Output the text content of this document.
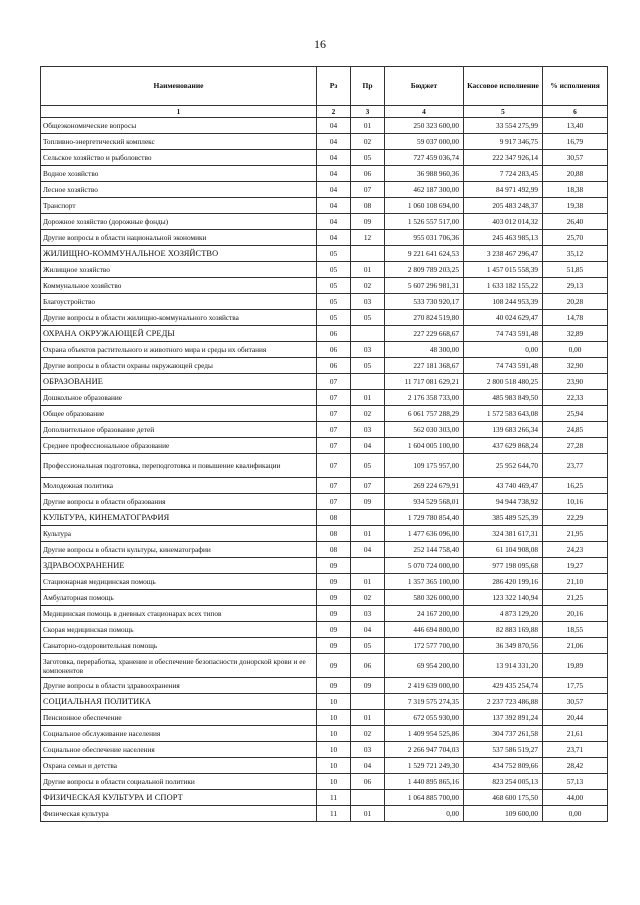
16
Наименование	Рз	Пр	Бюджет	Кассовое исполнение	% исполнения
1	2	3	4	5	6
Общеэкономические вопросы	04	01	250 323 600,00	33 554 275,99	13,40
Топливно-энергетический комплекс	04	02	59 037 000,00	9 917 346,75	16,79
Сельское хозяйство и рыболовство	04	05	727 459 036,74	222 347 926,14	30,57
Водное хозяйство	04	06	36 988 960,36	7 724 283,45	20,88
Лесное хозяйство	04	07	462 187 300,00	84 971 492,99	18,38
Транспорт	04	08	1 060 108 694,00	205 483 248,37	19,38
Дорожное хозяйство (дорожные фонды)	04	09	1 526 557 517,00	403 012 014,32	26,40
Другие вопросы в области национальной экономики	04	12	955 031 706,36	245 463 985,13	25,70
ЖИЛИЩНО-КОММУНАЛЬНОЕ ХОЗЯЙСТВО	05		9 221 641 624,53	3 238 467 296,47	35,12
Жилищное хозяйство	05	01	2 809 789 203,25	1 457 015 558,39	51,85
Коммунальное хозяйство	05	02	5 607 296 981,31	1 633 182 155,22	29,13
Благоустройство	05	03	533 730 920,17	108 244 953,39	20,28
Другие вопросы в области жилищно-коммунального хозяйства	05	05	270 824 519,80	40 024 629,47	14,78
ОХРАНА ОКРУЖАЮЩЕЙ СРЕДЫ	06		227 229 668,67	74 743 591,48	32,89
Охрана объектов растительного и животного мира и среды их обитания	06	03	48 300,00	0,00	0,00
Другие вопросы в области охраны окружающей среды	06	05	227 181 368,67	74 743 591,48	32,90
ОБРАЗОВАНИЕ	07		11 717 081 629,21	2 800 518 480,25	23,90
Дошкольное образование	07	01	2 176 358 733,00	485 983 849,50	22,33
Общее образование	07	02	6 061 757 288,29	1 572 583 643,08	25,94
Дополнительное образование детей	07	03	562 030 303,00	139 683 266,34	24,85
Среднее профессиональное образование	07	04	1 604 005 100,00	437 629 868,24	27,28
Профессиональная подготовка, переподготовка и повышение квалификации	07	05	109 175 957,00	25 952 644,70	23,77
Молодежная политика	07	07	269 224 679,91	43 740 469,47	16,25
Другие вопросы в области образования	07	09	934 529 568,01	94 944 738,92	10,16
КУЛЬТУРА, КИНЕМАТОГРАФИЯ	08		1 729 780 854,40	385 489 525,39	22,29
Культура	08	01	1 477 636 096,00	324 381 617,31	21,95
Другие вопросы в области культуры, кинематографии	08	04	252 144 758,40	61 104 908,08	24,23
ЗДРАВООХРАНЕНИЕ	09		5 070 724 000,00	977 198 095,68	19,27
Стационарная медицинская помощь	09	01	1 357 365 100,00	286 420 199,16	21,10
Амбулаторная помощь	09	02	580 326 000,00	123 322 140,94	21,25
Медицинская помощь в дневных стационарах всех типов	09	03	24 167 200,00	4 873 129,20	20,16
Скорая медицинская помощь	09	04	446 694 800,00	82 883 169,88	18,55
Санаторно-оздоровительная помощь	09	05	172 577 700,00	36 349 870,56	21,06
Заготовка, переработка, хранение и обеспечение безопасности донорской крови и ее компонентов	09	06	69 954 200,00	13 914 331,20	19,89
Другие вопросы в области здравоохранения	09	09	2 419 639 000,00	429 435 254,74	17,75
СОЦИАЛЬНАЯ ПОЛИТИКА	10		7 319 575 274,35	2 237 723 486,88	30,57
Пенсионное обеспечение	10	01	672 055 930,00	137 392 891,24	20,44
Социальное обслуживание населения	10	02	1 409 954 525,86	304 737 261,58	21,61
Социальное обеспечение населения	10	03	2 266 947 704,03	537 586 519,27	23,71
Охрана семьи и детства	10	04	1 529 721 249,30	434 752 809,66	28,42
Другие вопросы в области социальной политики	10	06	1 440 895 865,16	823 254 005,13	57,13
ФИЗИЧЕСКАЯ КУЛЬТУРА И СПОРТ	11		1 064 885 700,00	468 600 175,50	44,00
Физическая культура	11	01	0,00	109 600,00	0,00
